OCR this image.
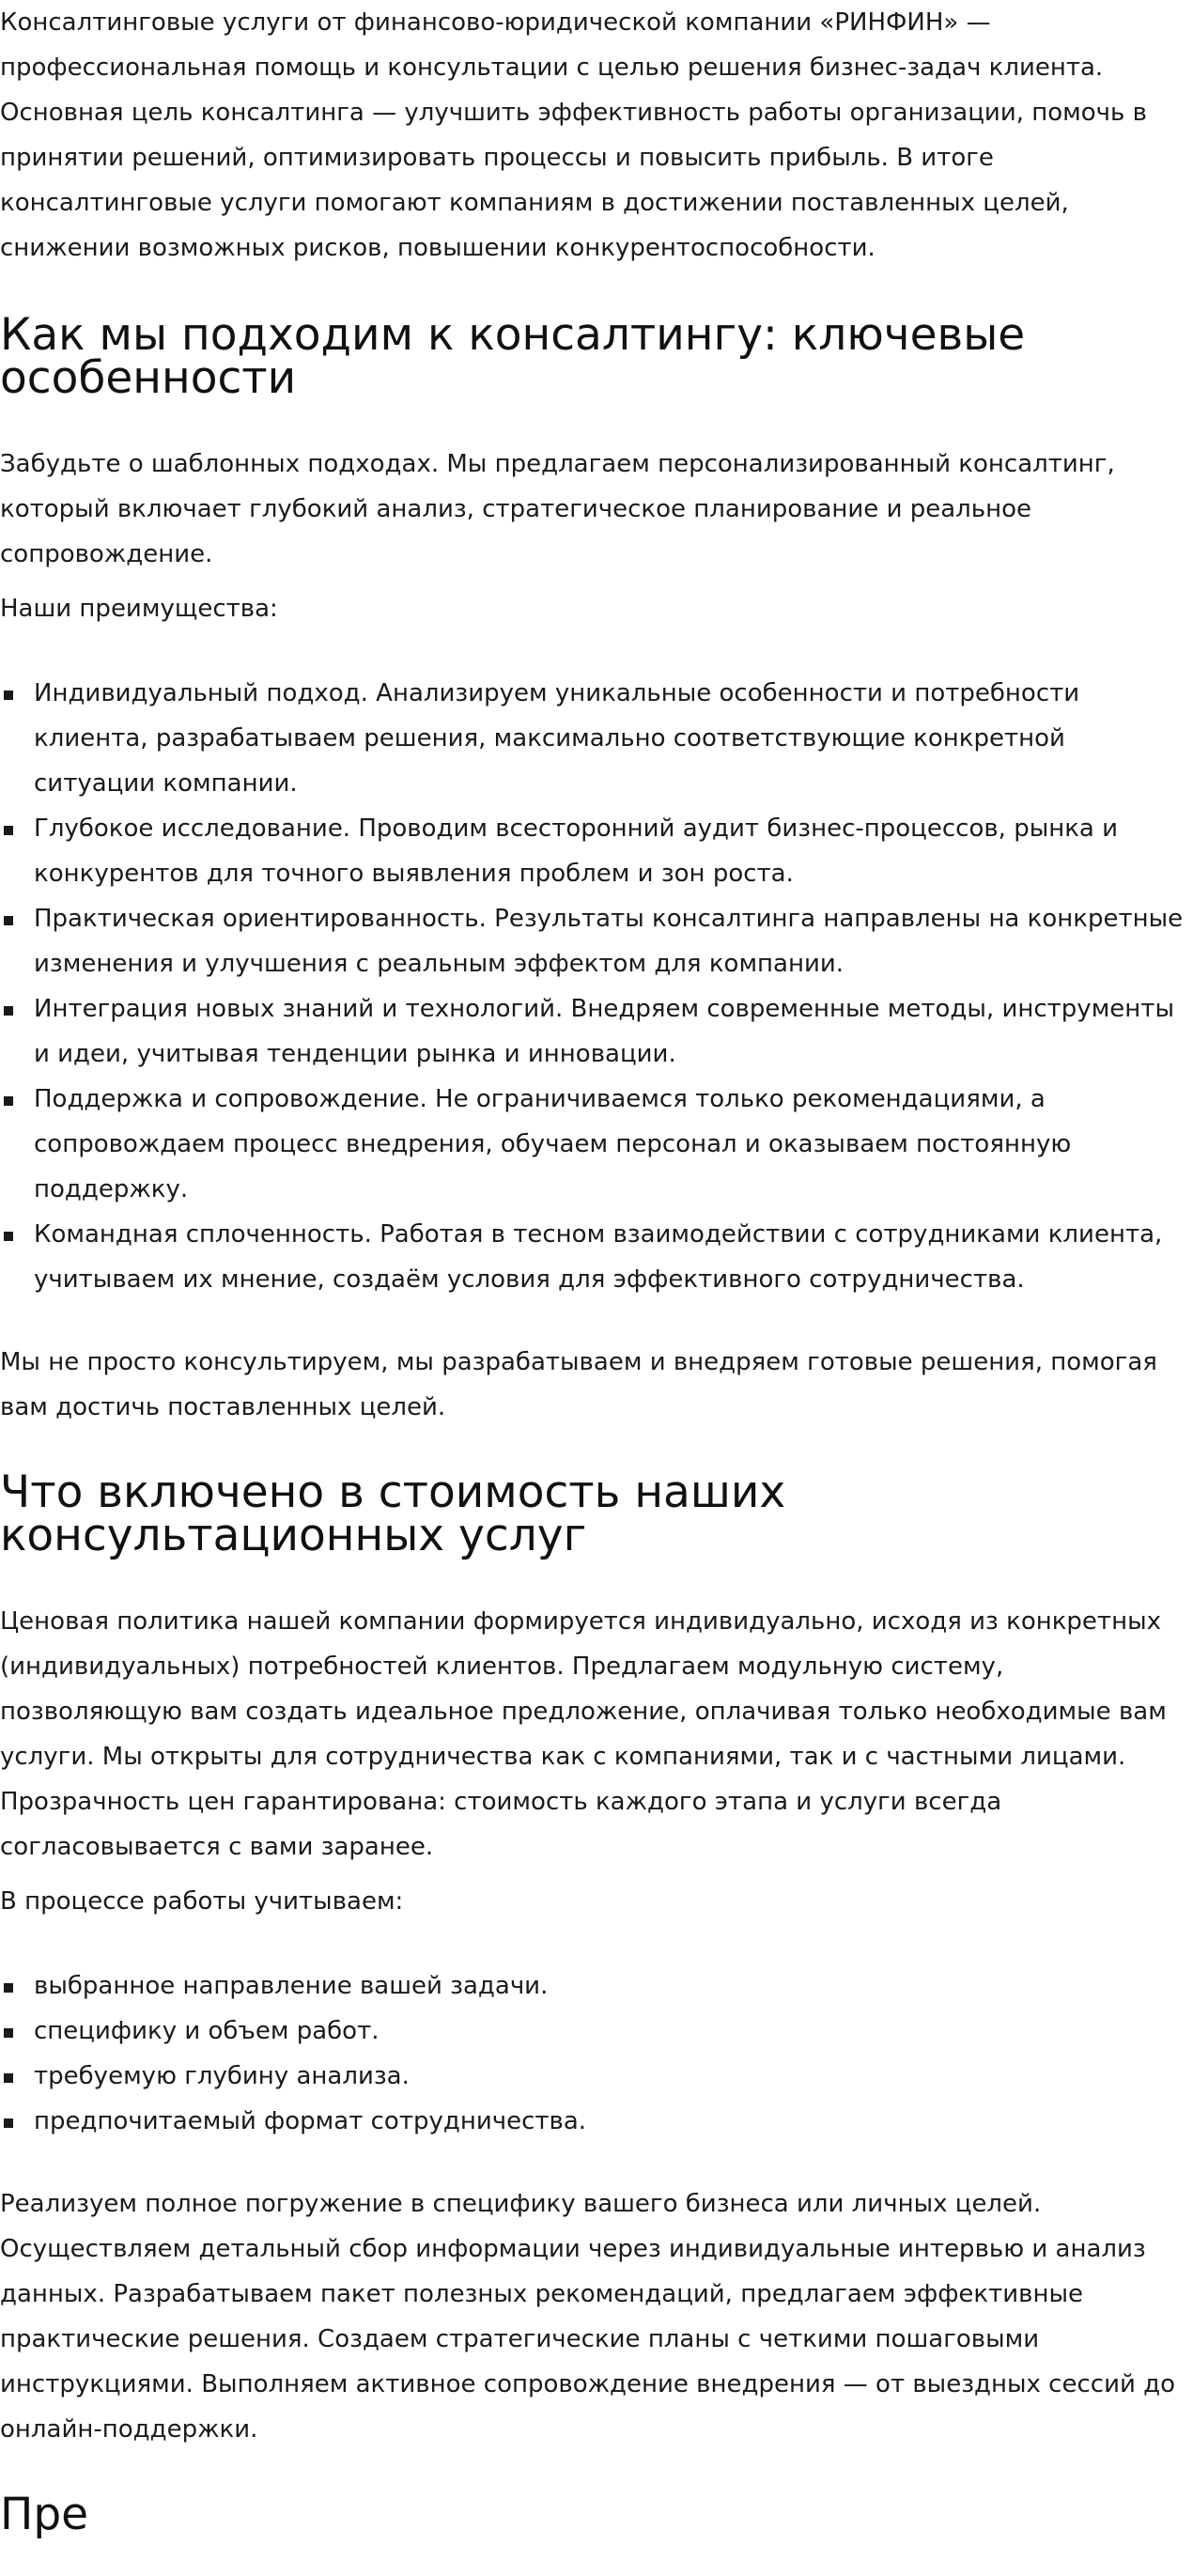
Консалтинговые услуги от финансово-юридической компании «РИНФИН» — профессиональная помощь и консультации с целью решения бизнес-задач клиента. Основная цель консалтинга — улучшить эффективность работы организации, помочь в принятии решений, оптимизировать процессы и повысить прибыль. В итоге консалтинговые услуги помогают компаниям в достижении поставленных целей, снижении возможных рисков, повышении конкурентоспособности.

Как мы подходим к консалтингу: ключевые особенности

Забудьте о шаблонных подходах. Мы предлагаем персонализированный консалтинг, который включает глубокий анализ, стратегическое планирование и реальное сопровождение.

Наши преимущества:

Индивидуальный подход. Анализируем уникальные особенности и потребности клиента, разрабатываем решения, максимально соответствующие конкретной ситуации компании.
Глубокое исследование. Проводим всесторонний аудит бизнес-процессов, рынка и конкурентов для точного выявления проблем и зон роста.
Практическая ориентированность. Результаты консалтинга направлены на конкретные изменения и улучшения с реальным эффектом для компании.
Интеграция новых знаний и технологий. Внедряем современные методы, инструменты и идеи, учитывая тенденции рынка и инновации.
Поддержка и сопровождение. Не ограничиваемся только рекомендациями, а сопровождаем процесс внедрения, обучаем персонал и оказываем постоянную поддержку.
Командная сплоченность. Работая в тесном взаимодействии с сотрудниками клиента, учитываем их мнение, создаём условия для эффективного сотрудничества.

Мы не просто консультируем, мы разрабатываем и внедряем готовые решения, помогая вам достичь поставленных целей.

Что включено в стоимость наших консультационных услуг

Ценовая политика нашей компании формируется индивидуально, исходя из конкретных (индивидуальных) потребностей клиентов. Предлагаем модульную систему, позволяющую вам создать идеальное предложение, оплачивая только необходимые вам услуги. Мы открыты для сотрудничества как с компаниями, так и с частными лицами. Прозрачность цен гарантирована: стоимость каждого этапа и услуги всегда согласовывается с вами заранее.

В процессе работы учитываем:

выбранное направление вашей задачи.
специфику и объем работ.
требуемую глубину анализа.
предпочитаемый формат сотрудничества.

Реализуем полное погружение в специфику вашего бизнеса или личных целей. Осуществляем детальный сбор информации через индивидуальные интервью и анализ данных. Разрабатываем пакет полезных рекомендаций, предлагаем эффективные практические решения. Создаем стратегические планы с четкими пошаговыми инструкциями. Выполняем активное сопровождение внедрения — от выездных сессий до онлайн-поддержки.

Пре
